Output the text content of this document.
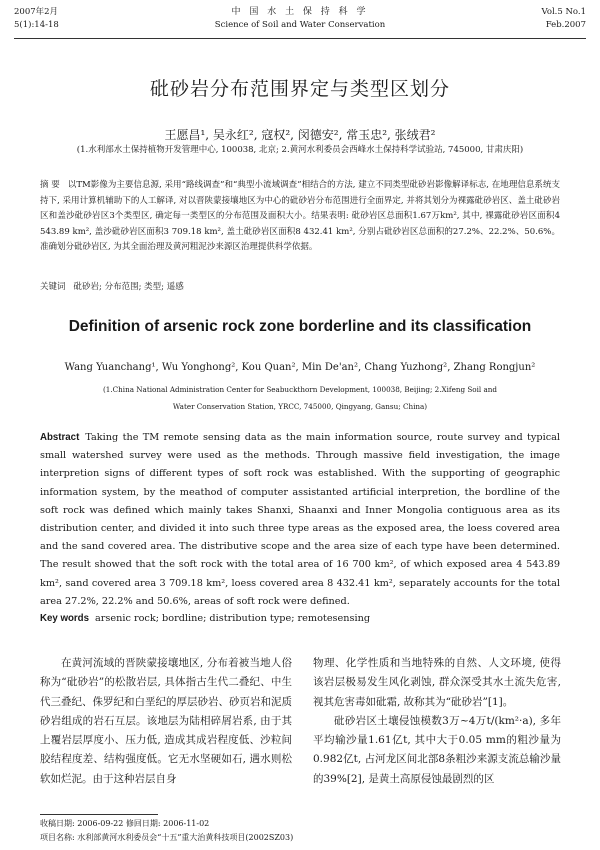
2007年2月
5(1):14-18
中 国 水 土 保 持 科 学
Science of Soil and Water Conservation
Vol.5 No.1
Feb.2007
砒砂岩分布范围界定与类型区划分
王愿昌¹, 吴永红², 寇权², 闵德安², 常玉忠², 张绒君²
(1.水利部水土保持植物开发管理中心, 100038, 北京; 2.黄河水利委员会西峰水土保持科学试验站, 745000, 甘肃庆阳)
摘 要 以TM影像为主要信息源, 采用“路线调查”和“典型小流域调查”相结合的方法, 建立不同类型砒砂岩影像解译标志, 在地理信息系统支持下, 采用计算机辅助下的人工解译, 对以晋陕蒙接壤地区为中心的砒砂岩分布范围进行全面界定, 并将其划分为裸露砒砂岩区、盖土砒砂岩区和盖沙砒砂岩区3个类型区, 确定每一类型区的分布范围及面积大小。结果表明: 砒砂岩区总面积1.67万km², 其中, 裸露砒砂岩区面积4 543.89 km², 盖沙砒砂岩区面积3 709.18 km², 盖土砒砂岩区面积8 432.41 km², 分别占砒砂岩区总面积的27.2%、22.2%、50.6%。准确划分砒砂岩区, 为其全面治理及黄河粗泥沙来源区治理提供科学依据。
关键词 砒砂岩; 分布范围; 类型; 遥感
Definition of arsenic rock zone borderline and its classification
Wang Yuanchang¹, Wu Yonghong², Kou Quan², Min De'an², Chang Yuzhong², Zhang Rongjun²
(1.China National Administration Center for Seabuckthorn Development, 100038, Beijing; 2.Xifeng Soil and
Water Conservation Station, YRCC, 745000, Qingyang, Gansu; China)
Abstract Taking the TM remote sensing data as the main information source, route survey and typical small watershed survey were used as the methods. Through massive field investigation, the image interpretion signs of different types of soft rock was established. With the supporting of geographic information system, by the meathod of computer assistanted artificial interpretion, the bordline of the soft rock was defined which mainly takes Shanxi, Shaanxi and Inner Mongolia contiguous area as its distribution center, and divided it into such three type areas as the exposed area, the loess covered area and the sand covered area. The distributive scope and the area size of each type have been determined. The result showed that the soft rock with the total area of 16 700 km², of which exposed area 4 543.89 km², sand covered area 3 709.18 km², loess covered area 8 432.41 km², separately accounts for the total area 27.2%, 22.2% and 50.6%, areas of soft rock were defined.
Key words arsenic rock; bordline; distribution type; remotesensing

在黄河流域的晋陕蒙接壤地区, 分布着被当地人俗称为“砒砂岩”的松散岩层, 具体指古生代二叠纪、中生代三叠纪、侏罗纪和白垩纪的厚层砂岩、砂页岩和泥质砂岩组成的岩石互层。该地层为陆相碎屑岩系, 由于其上覆岩层厚度小、压力低, 造成其成岩程度低、沙粒间胶结程度差、结构强度低。它无水坚硬如石, 遇水则松软如烂泥。由于这种岩层自身

物理、化学性质和当地特殊的自然、人文环境, 使得该岩层极易发生风化剥蚀, 群众深受其水土流失危害, 视其危害毒如砒霜, 故称其为“砒砂岩”[1]。

砒砂岩区土壤侵蚀模数3万~4万t/(km²·a), 多年平均输沙量1.61亿t, 其中大于0.05 mm的粗沙量为0.982亿t, 占河龙区间北部8条粗沙来源支流总输沙量的39%[2], 是黄土高原侵蚀最剧烈的区

收稿日期: 2006-09-22 修回日期: 2006-11-02
项目名称: 水利部黄河水利委员会“十五”重大治黄科技项目(2002SZ03)
